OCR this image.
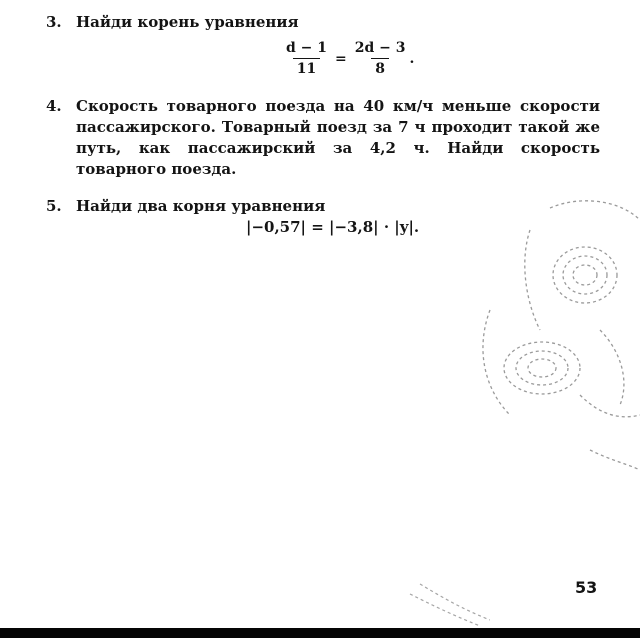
3. Найди корень уравнения
$\frac{d - 1}{11} = \frac{2d - 3}{8}$ .
4. Скорость товарного поезда на 40 км/ч меньше скорости пассажирского. Товарный поезд за 7 ч проходит такой же путь, как пассажирский за 4,2 ч. Найди скорость товарного поезда.
5. Найди два корня уравнения
|−0,57| = |−3,8| · |y|.
53
